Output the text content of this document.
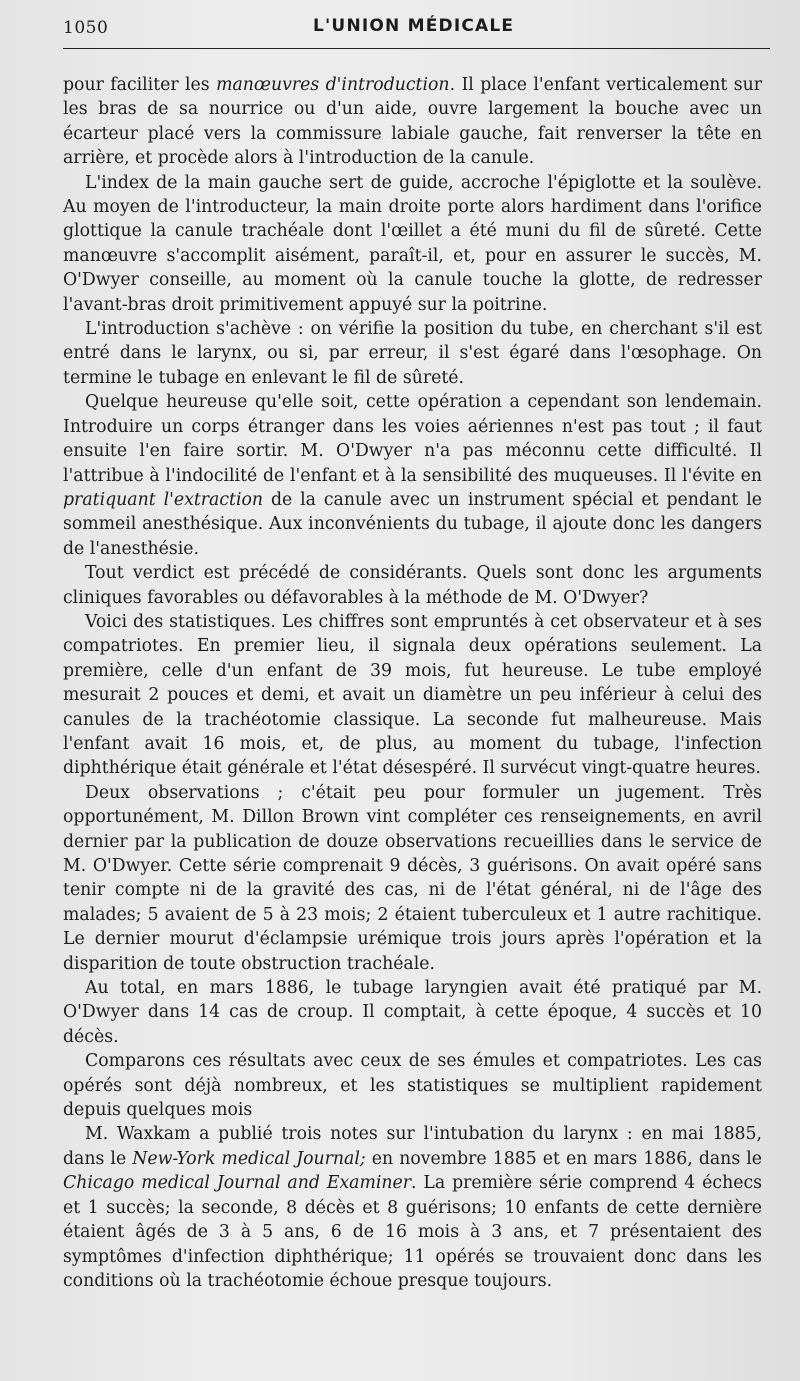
1050	L'UNION MÉDICALE

pour faciliter les manœuvres d'introduction. Il place l'enfant verticalement sur les bras de sa nourrice ou d'un aide, ouvre largement la bouche avec un écarteur placé vers la commissure labiale gauche, fait renverser la tête en arrière, et procède alors à l'introduction de la canule.

L'index de la main gauche sert de guide, accroche l'épiglotte et la soulève. Au moyen de l'introducteur, la main droite porte alors hardiment dans l'orifice glottique la canule trachéale dont l'œillet a été muni du fil de sûreté. Cette manœuvre s'accomplit aisément, paraît-il, et, pour en assurer le succès, M. O'Dwyer conseille, au moment où la canule touche la glotte, de redresser l'avant-bras droit primitivement appuyé sur la poitrine.

L'introduction s'achève : on vérifie la position du tube, en cherchant s'il est entré dans le larynx, ou si, par erreur, il s'est égaré dans l'œsophage. On termine le tubage en enlevant le fil de sûreté.

Quelque heureuse qu'elle soit, cette opération a cependant son lendemain. Introduire un corps étranger dans les voies aériennes n'est pas tout ; il faut ensuite l'en faire sortir. M. O'Dwyer n'a pas méconnu cette difficulté. Il l'attribue à l'indocilité de l'enfant et à la sensibilité des muqueuses. Il l'évite en pratiquant l'extraction de la canule avec un instrument spécial et pendant le sommeil anesthésique. Aux inconvénients du tubage, il ajoute donc les dangers de l'anesthésie.

Tout verdict est précédé de considérants. Quels sont donc les arguments cliniques favorables ou défavorables à la méthode de M. O'Dwyer?

Voici des statistiques. Les chiffres sont empruntés à cet observateur et à ses compatriotes. En premier lieu, il signala deux opérations seulement. La première, celle d'un enfant de 39 mois, fut heureuse. Le tube employé mesurait 2 pouces et demi, et avait un diamètre un peu inférieur à celui des canules de la trachéotomie classique. La seconde fut malheureuse. Mais l'enfant avait 16 mois, et, de plus, au moment du tubage, l'infection diphthérique était générale et l'état désespéré. Il survécut vingt-quatre heures.

Deux observations ; c'était peu pour formuler un jugement. Très opportunément, M. Dillon Brown vint compléter ces renseignements, en avril dernier par la publication de douze observations recueillies dans le service de M. O'Dwyer. Cette série comprenait 9 décès, 3 guérisons. On avait opéré sans tenir compte ni de la gravité des cas, ni de l'état général, ni de l'âge des malades; 5 avaient de 5 à 23 mois; 2 étaient tuberculeux et 1 autre rachitique. Le dernier mourut d'éclampsie urémique trois jours après l'opération et la disparition de toute obstruction trachéale.

Au total, en mars 1886, le tubage laryngien avait été pratiqué par M. O'Dwyer dans 14 cas de croup. Il comptait, à cette époque, 4 succès et 10 décès.

Comparons ces résultats avec ceux de ses émules et compatriotes. Les cas opérés sont déjà nombreux, et les statistiques se multiplient rapidement depuis quelques mois

M. Waxkam a publié trois notes sur l'intubation du larynx : en mai 1885, dans le New-York medical Journal; en novembre 1885 et en mars 1886, dans le Chicago medical Journal and Examiner. La première série comprend 4 échecs et 1 succès; la seconde, 8 décès et 8 guérisons; 10 enfants de cette dernière étaient âgés de 3 à 5 ans, 6 de 16 mois à 3 ans, et 7 présentaient des symptômes d'infection diphthérique; 11 opérés se trouvaient donc dans les conditions où la trachéotomie échoue presque toujours.
